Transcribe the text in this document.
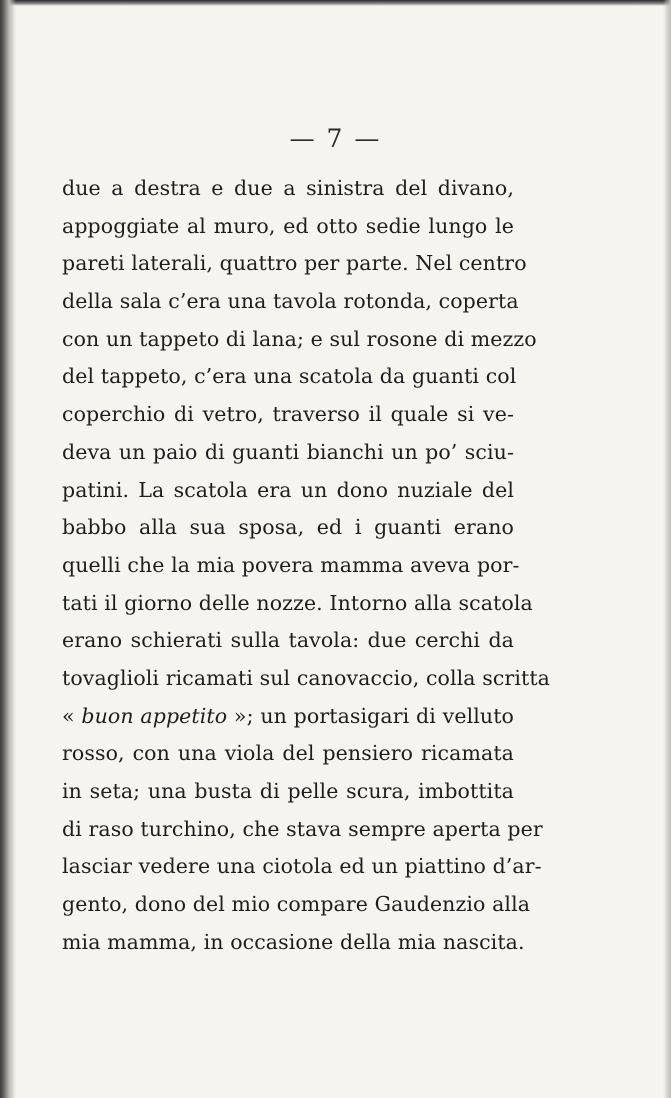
— 7 —
due a destra e due a sinistra del divano,
appoggiate al muro, ed otto sedie lungo le
pareti laterali, quattro per parte. Nel centro
della sala c’era una tavola rotonda, coperta
con un tappeto di lana; e sul rosone di mezzo
del tappeto, c’era una scatola da guanti col
coperchio di vetro, traverso il quale si ve-
deva un paio di guanti bianchi un po’ sciu-
patini. La scatola era un dono nuziale del
babbo alla sua sposa, ed i guanti erano
quelli che la mia povera mamma aveva por-
tati il giorno delle nozze. Intorno alla scatola
erano schierati sulla tavola: due cerchi da
tovaglioli ricamati sul canovaccio, colla scritta
« buon appetito »; un portasigari di velluto
rosso, con una viola del pensiero ricamata
in seta; una busta di pelle scura, imbottita
di raso turchino, che stava sempre aperta per
lasciar vedere una ciotola ed un piattino d’ar-
gento, dono del mio compare Gaudenzio alla
mia mamma, in occasione della mia nascita.
